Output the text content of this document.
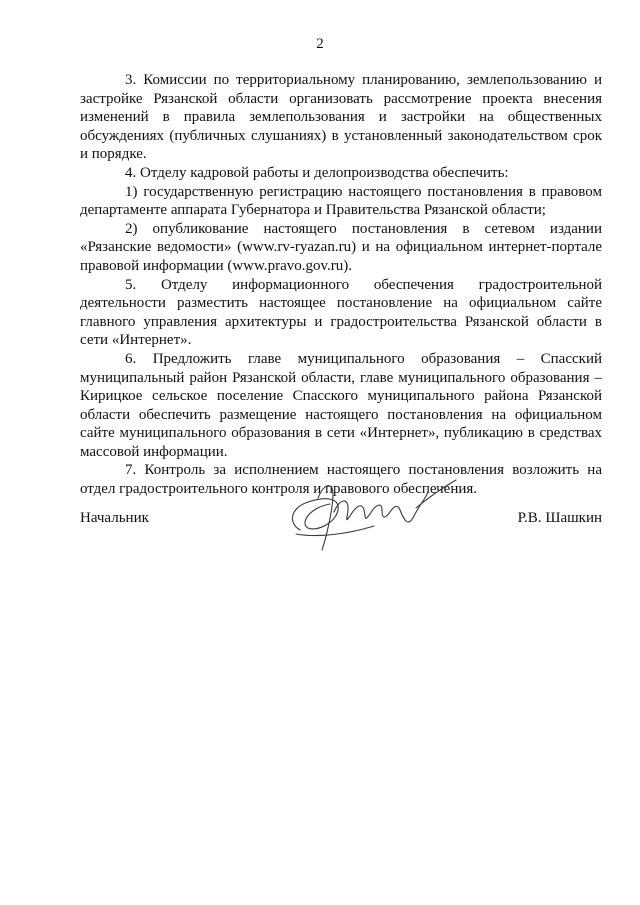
2

3. Комиссии по территориальному планированию, землепользованию и застройке Рязанской области организовать рассмотрение проекта внесения изменений в правила землепользования и застройки на общественных обсуждениях (публичных слушаниях) в установленный законодательством срок и порядке.

4. Отделу кадровой работы и делопроизводства обеспечить:

1) государственную регистрацию настоящего постановления в правовом департаменте аппарата Губернатора и Правительства Рязанской области;

2) опубликование настоящего постановления в сетевом издании «Рязанские ведомости» (www.rv-ryazan.ru) и на официальном интернет-портале правовой информации (www.pravo.gov.ru).

5. Отделу информационного обеспечения градостроительной деятельности разместить настоящее постановление на официальном сайте главного управления архитектуры и градостроительства Рязанской области в сети «Интернет».

6. Предложить главе муниципального образования – Спасский муниципальный район Рязанской области, главе муниципального образования – Кирицкое сельское поселение Спасского муниципального района Рязанской области обеспечить размещение настоящего постановления на официальном сайте муниципального образования в сети «Интернет», публикацию в средствах массовой информации.

7. Контроль за исполнением настоящего постановления возложить на отдел градостроительного контроля и правового обеспечения.

Начальник	Р.В. Шашкин
